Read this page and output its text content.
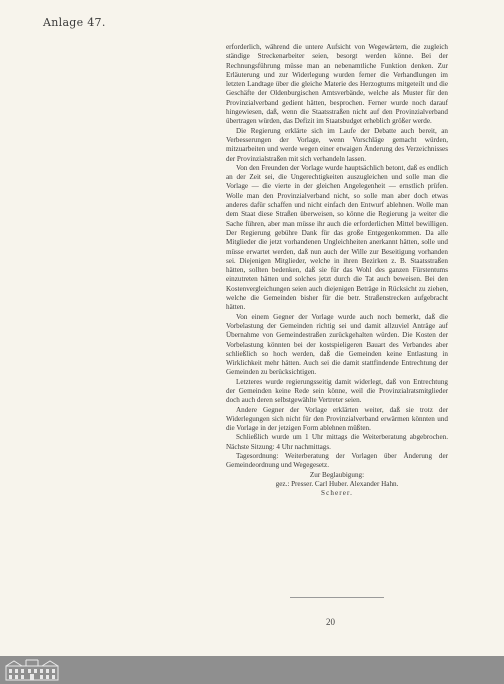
Anlage 47.

erforderlich, während die untere Aufsicht von Wegewärtern, die zugleich ständige Streckenarbeiter seien, besorgt werden könne. Bei der Rechnungsführung müsse man an nebenamtliche Funktion denken. Zur Erläuterung und zur Widerlegung wurden ferner die Verhandlungen im letzten Landtage über die gleiche Materie des Herzogtums mitgeteilt und die Geschäfte der Oldenburgischen Amtsverbände, welche als Muster für den Provinzialverband gedient hätten, besprochen. Ferner wurde noch darauf hingewiesen, daß, wenn die Staatsstraßen nicht auf den Provinzialverband übertragen würden, das Defizit im Staatsbudget erheblich größer werde.

Die Regierung erklärte sich im Laufe der Debatte auch bereit, an Verbesserungen der Vorlage, wenn Vorschläge gemacht würden, mitzuarbeiten und werde wegen einer etwaigen Änderung des Verzeichnisses der Provinzialstraßen mit sich verhandeln lassen.

Von den Freunden der Vorlage wurde hauptsächlich betont, daß es endlich an der Zeit sei, die Ungerechtigkeiten auszugleichen und solle man die Vorlage — die vierte in der gleichen Angelegenheit — ernstlich prüfen. Wolle man den Provinzialverband nicht, so solle man aber doch etwas anderes dafür schaffen und nicht einfach den Entwurf ablehnen. Wolle man dem Staat diese Straßen überweisen, so könne die Regierung ja weiter die Sache führen, aber man müsse ihr auch die erforderlichen Mittel bewilligen. Der Regierung gebühre Dank für das große Entgegenkommen. Da alle Mitglieder die jetzt vorhandenen Ungleichheiten anerkannt hätten, solle und müsse erwartet werden, daß nun auch der Wille zur Beseitigung vorhanden sei. Diejenigen Mitglieder, welche in ihren Bezirken z. B. Staatsstraßen hätten, sollten bedenken, daß sie für das Wohl des ganzen Fürstentums einzutreten hätten und solches jetzt durch die Tat auch beweisen. Bei den Kostenvergleichungen seien auch diejenigen Beträge in Rücksicht zu ziehen, welche die Gemeinden bisher für die betr. Straßenstrecken aufgebracht hätten.

Von einem Gegner der Vorlage wurde auch noch bemerkt, daß die Vorbelastung der Gemeinden richtig sei und damit allzuviel Anträge auf Übernahme von Gemeindestraßen zurückgehalten würden. Die Kosten der Vorbelastung könnten bei der kostspieligeren Bauart des Verbandes aber schließlich so hoch werden, daß die Gemeinden keine Entlastung in Wirklichkeit mehr hätten. Auch sei die damit stattfindende Entrechtung der Gemeinden zu berücksichtigen.

Letzteres wurde regierungsseitig damit widerlegt, daß von Entrechtung der Gemeinden keine Rede sein könne, weil die Provinzialratsmitglieder doch auch deren selbstgewählte Vertreter seien.

Andere Gegner der Vorlage erklärten weiter, daß sie trotz der Widerlegungen sich nicht für den Provinzialverband erwärmen könnten und die Vorlage in der jetzigen Form ablehnen müßten.

Schließlich wurde um 1 Uhr mittags die Weiterberatung abgebrochen. Nächste Sitzung: 4 Uhr nachmittags.

Tagesordnung: Weiterberatung der Vorlagen über Änderung der Gemeindeordnung und Wegegesetz.

Zur Beglaubigung:

gez.: Presser. Carl Huber. Alexander Hahn.

Scherer.

20
